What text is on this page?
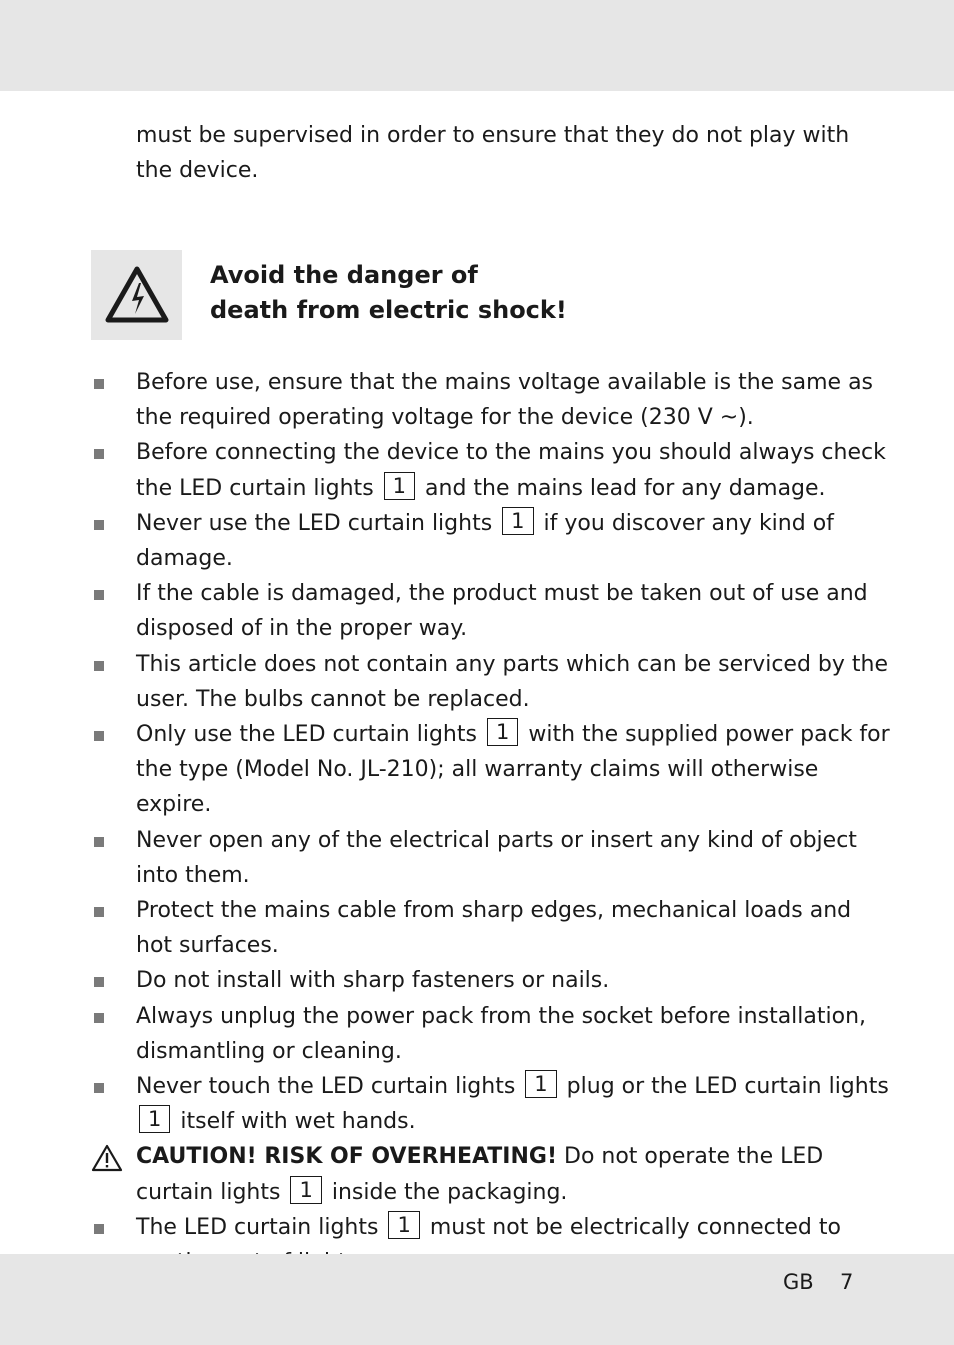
must be supervised in order to ensure that they do not play with the device.
Avoid the danger of
death from electric shock!
Before use, ensure that the mains voltage available is the same as the required operating voltage for the device (230 V ~).
Before connecting the device to the mains you should always check the LED curtain lights 1 and the mains lead for any damage.
Never use the LED curtain lights 1 if you discover any kind of damage.
If the cable is damaged, the product must be taken out of use and disposed of in the proper way.
This article does not contain any parts which can be serviced by the user. The bulbs cannot be replaced.
Only use the LED curtain lights 1 with the supplied power pack for the type (Model No. JL-210); all warranty claims will otherwise expire.
Never open any of the electrical parts or insert any kind of object into them.
Protect the mains cable from sharp edges, mechanical loads and hot surfaces.
Do not install with sharp fasteners or nails.
Always unplug the power pack from the socket before installation, dismantling or cleaning.
Never touch the LED curtain lights 1 plug or the LED curtain lights 1 itself with wet hands.
CAUTION! RISK OF OVERHEATING! Do not operate the LED curtain lights 1 inside the packaging.
The LED curtain lights 1 must not be electrically connected to
GB 7
